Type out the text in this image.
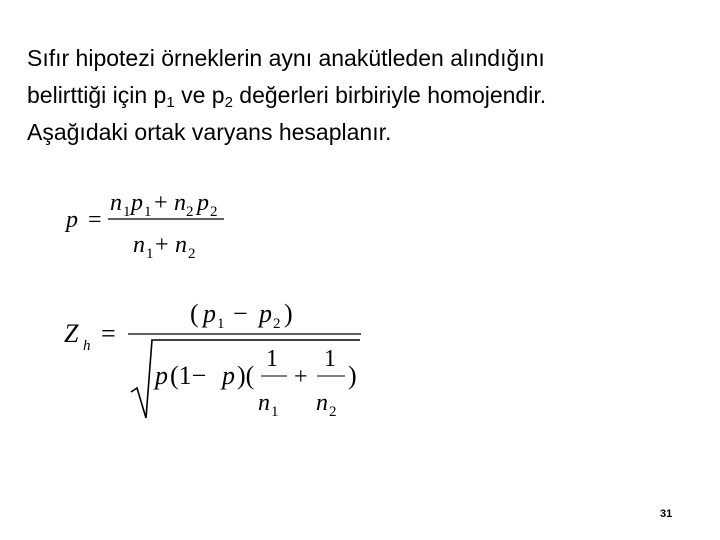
Sıfır hipotezi örneklerin aynı anakütleden alındığını
belirttiği için $p_1$ ve $p_2$ değerleri birbiriyle homojendir.
Aşağıdaki ortak varyans hesaplanır.
p =
n 1 p 1 + n 2 p 2
n 1 + n 2
Z h =
( p 1 − p 2 )
p (1− p )(
1
n 1
+
1
n 2
)
31
